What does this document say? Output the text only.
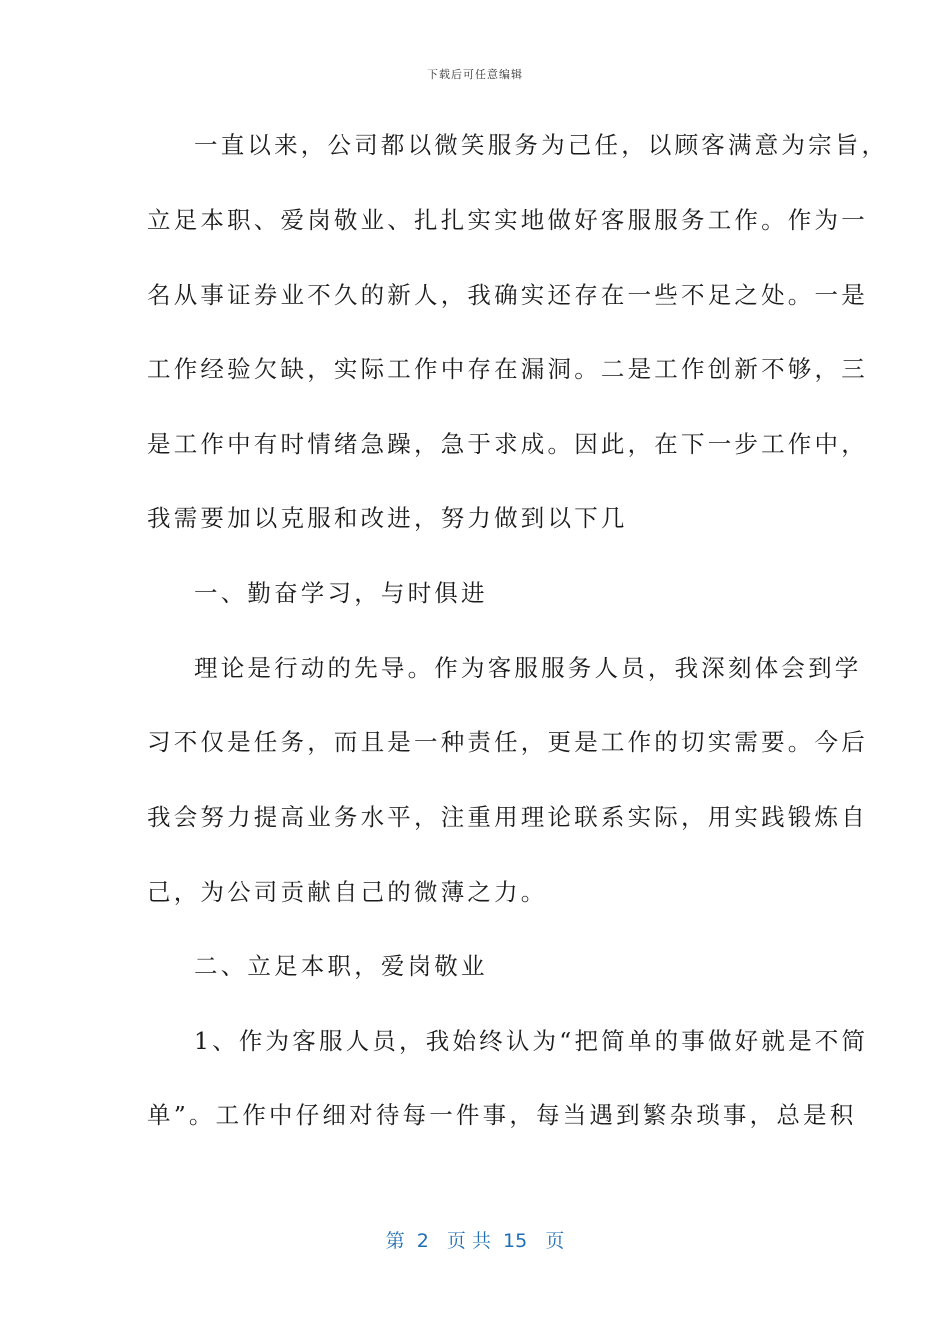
下载后可任意编辑
一直以来，公司都以微笑服务为己任，以顾客满意为宗旨，
立足本职、爱岗敬业、扎扎实实地做好客服服务工作。作为一
名从事证券业不久的新人，我确实还存在一些不足之处。一是
工作经验欠缺，实际工作中存在漏洞。二是工作创新不够，三
是工作中有时情绪急躁，急于求成。因此，在下一步工作中，
我需要加以克服和改进，努力做到以下几
一、勤奋学习，与时俱进
理论是行动的先导。作为客服服务人员，我深刻体会到学
习不仅是任务，而且是一种责任，更是工作的切实需要。今后
我会努力提高业务水平，注重用理论联系实际，用实践锻炼自
己，为公司贡献自己的微薄之力。
二、立足本职，爱岗敬业
1、作为客服人员，我始终认为“把简单的事做好就是不简
单”。工作中仔细对待每一件事，每当遇到繁杂琐事，总是积
第  2   页 共  15   页
